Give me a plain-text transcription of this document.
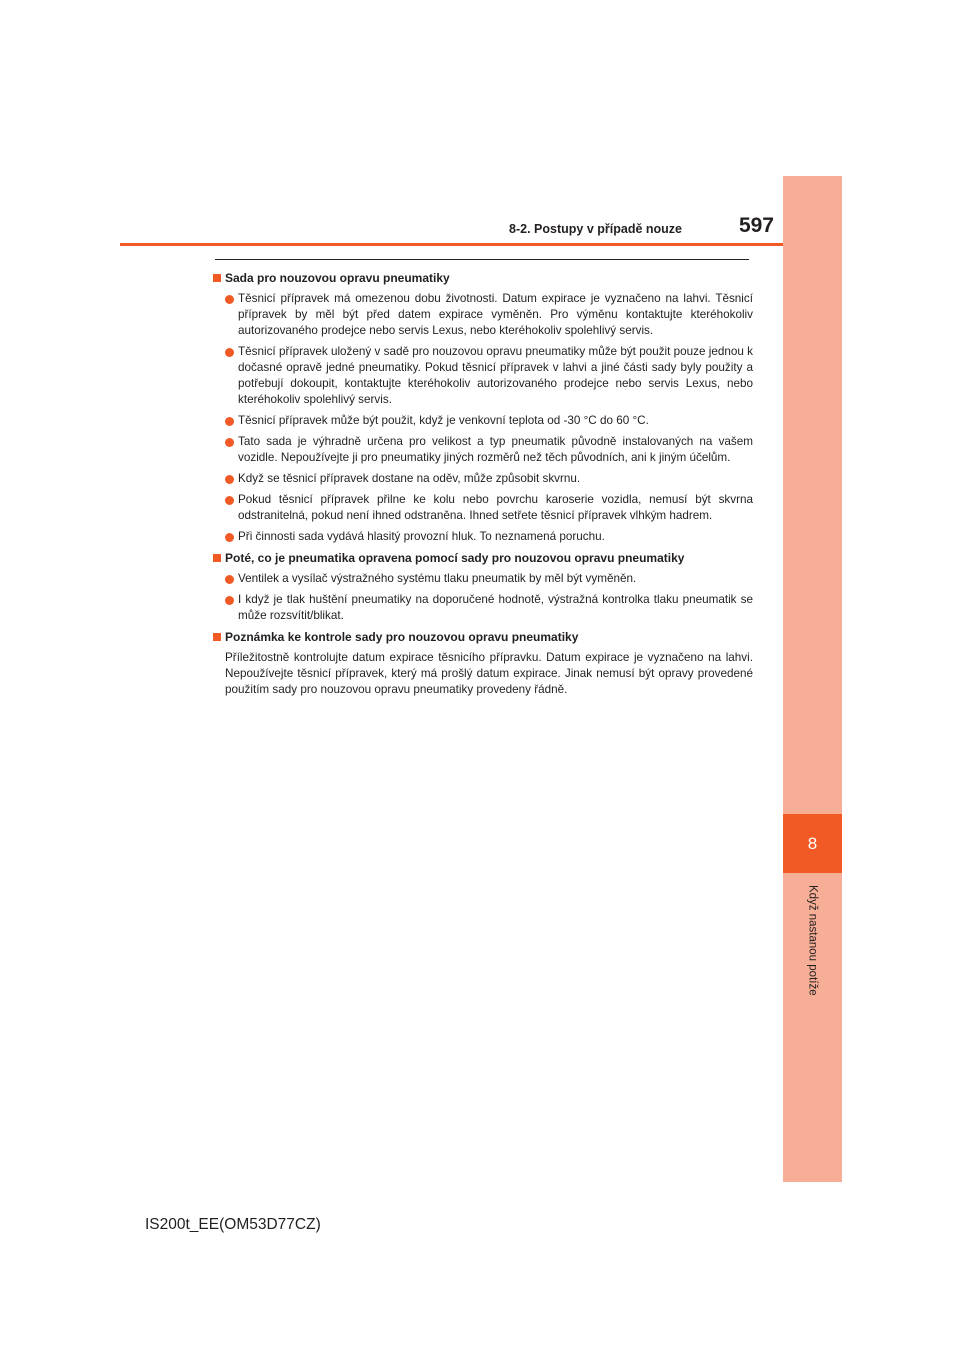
8
Když nastanou potíže
8-2. Postupy v případě nouze	597
Sada pro nouzovou opravu pneumatiky
Těsnicí přípravek má omezenou dobu životnosti. Datum expirace je vyznačeno na lahvi. Těsnicí přípravek by měl být před datem expirace vyměněn. Pro výměnu kontaktujte kteréhokoliv autorizovaného prodejce nebo servis Lexus, nebo kteréhokoliv spolehlivý servis.
Těsnicí přípravek uložený v sadě pro nouzovou opravu pneumatiky může být použit pouze jednou k dočasné opravě jedné pneumatiky. Pokud těsnicí přípravek v lahvi a jiné části sady byly použity a potřebují dokoupit, kontaktujte kteréhokoliv autorizovaného prodejce nebo servis Lexus, nebo kteréhokoliv spolehlivý servis.
Těsnicí přípravek může být použit, když je venkovní teplota od -30 °C do 60 °C.
Tato sada je výhradně určena pro velikost a typ pneumatik původně instalovaných na vašem vozidle. Nepoužívejte ji pro pneumatiky jiných rozměrů než těch původních, ani k jiným účelům.
Když se těsnicí přípravek dostane na oděv, může způsobit skvrnu.
Pokud těsnicí přípravek přilne ke kolu nebo povrchu karoserie vozidla, nemusí být skvrna odstranitelná, pokud není ihned odstraněna. Ihned setřete těsnicí přípravek vlhkým hadrem.
Při činnosti sada vydává hlasitý provozní hluk. To neznamená poruchu.
Poté, co je pneumatika opravena pomocí sady pro nouzovou opravu pneumatiky
Ventilek a vysílač výstražného systému tlaku pneumatik by měl být vyměněn.
I když je tlak huštění pneumatiky na doporučené hodnotě, výstražná kontrolka tlaku pneumatik se může rozsvítit/blikat.
Poznámka ke kontrole sady pro nouzovou opravu pneumatiky
Příležitostně kontrolujte datum expirace těsnicího přípravku. Datum expirace je vyznačeno na lahvi. Nepoužívejte těsnicí přípravek, který má prošlý datum expirace. Jinak nemusí být opravy provedené použitím sady pro nouzovou opravu pneumatiky provedeny řádně.
IS200t_EE(OM53D77CZ)
